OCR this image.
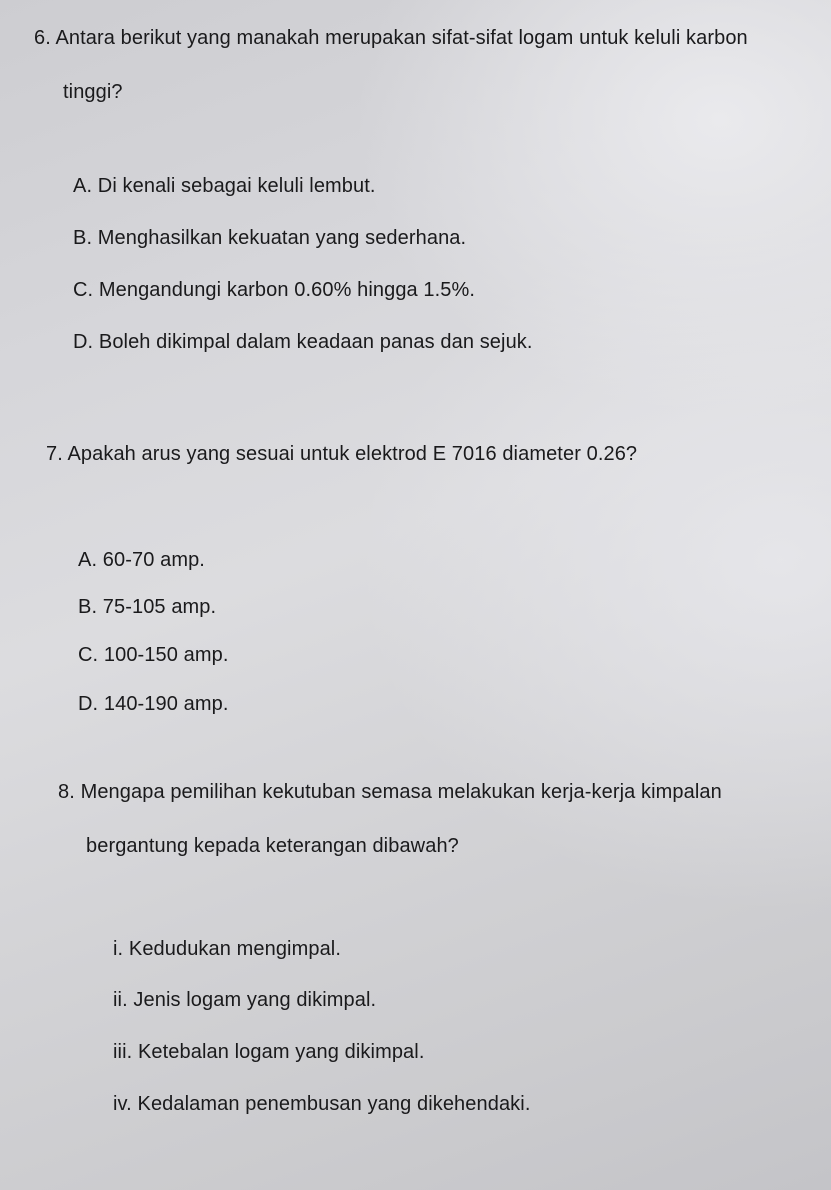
6. Antara berikut yang manakah merupakan sifat-sifat logam untuk keluli karbon
tinggi?
A. Di kenali sebagai keluli lembut.
B. Menghasilkan kekuatan yang sederhana.
C. Mengandungi karbon 0.60% hingga 1.5%.
D. Boleh dikimpal dalam keadaan panas dan sejuk.
7. Apakah arus yang sesuai untuk elektrod E 7016 diameter 0.26?
A. 60-70 amp.
B. 75-105 amp.
C. 100-150 amp.
D. 140-190 amp.
8. Mengapa pemilihan kekutuban semasa melakukan kerja-kerja kimpalan
bergantung kepada keterangan dibawah?
i. Kedudukan mengimpal.
ii. Jenis logam yang dikimpal.
iii. Ketebalan logam yang dikimpal.
iv. Kedalaman penembusan yang dikehendaki.
